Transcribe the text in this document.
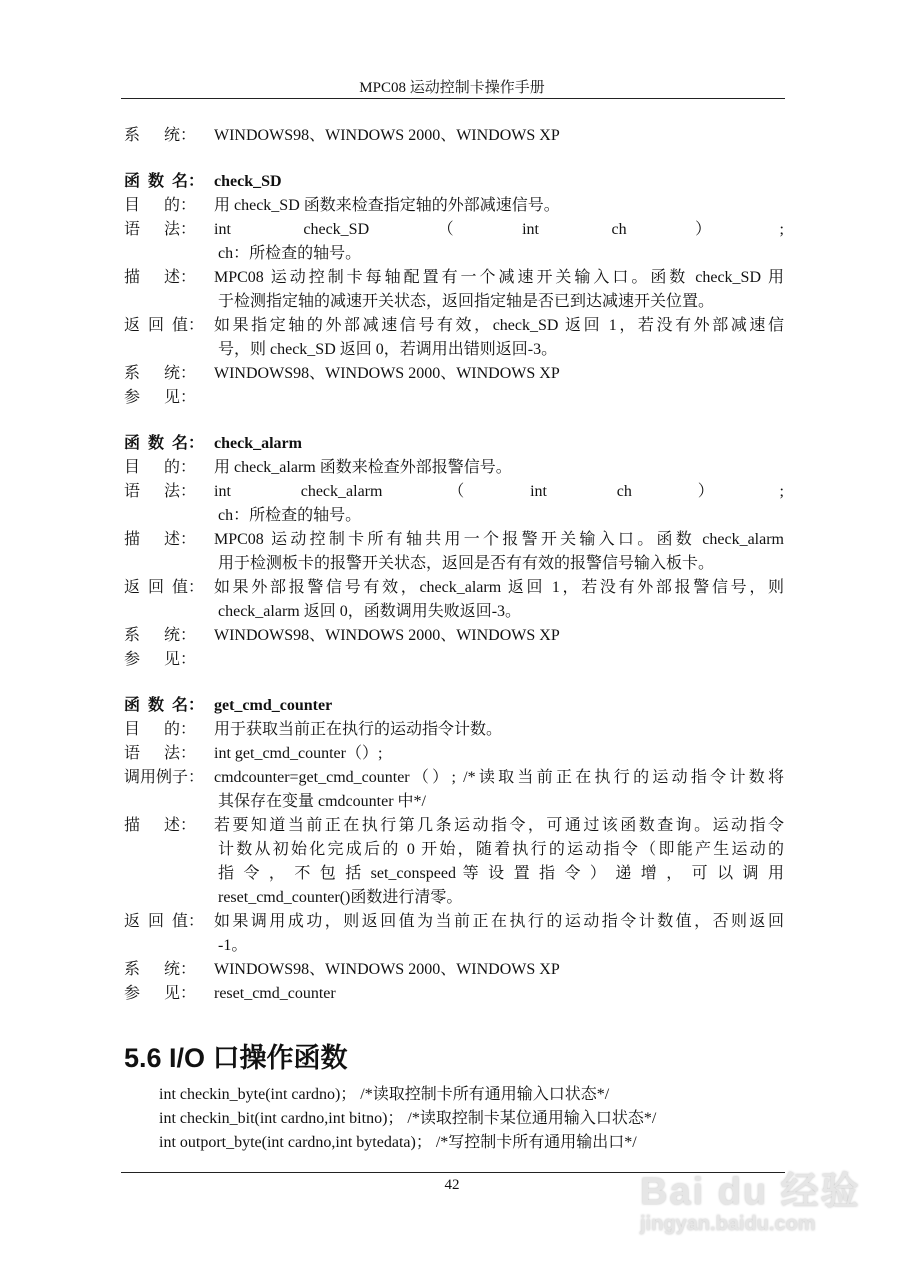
MPC08 运动控制卡操作手册
系      统：	WINDOWS98、WINDOWS 2000、WINDOWS XP
函  数  名： check_SD
目      的：	用 check_SD 函数来检查指定轴的外部减速信号。
语      法：	int check_SD（int ch）;
ch：所检查的轴号。
描      述：	MPC08 运动控制卡每轴配置有一个减速开关输入口。函数 check_SD 用
于检测指定轴的减速开关状态，返回指定轴是否已到达减速开关位置。
返  回  值： 如果指定轴的外部减速信号有效，check_SD 返回 1，若没有外部减速信
号，则 check_SD 返回 0，若调用出错则返回-3。
系      统：	WINDOWS98、WINDOWS 2000、WINDOWS XP
参      见：
函  数  名： check_alarm
目      的：	用 check_alarm 函数来检查外部报警信号。
语      法：	int check_alarm（int ch）;
ch：所检查的轴号。
描      述：	MPC08 运动控制卡所有轴共用一个报警开关输入口。函数 check_alarm
用于检测板卡的报警开关状态，返回是否有有效的报警信号输入板卡。
返  回  值： 如果外部报警信号有效，check_alarm 返回 1，若没有外部报警信号，则
check_alarm 返回 0，函数调用失败返回-3。
系      统：	WINDOWS98、WINDOWS 2000、WINDOWS XP
参      见：
函  数  名： get_cmd_counter
目      的：	用于获取当前正在执行的运动指令计数。
语      法：	int get_cmd_counter（）;
调用例子： cmdcounter=get_cmd_counter（）; /*读取当前正在执行的运动指令计数将
其保存在变量 cmdcounter 中*/
描      述：	若要知道当前正在执行第几条运动指令，可通过该函数查询。运动指令
计数从初始化完成后的 0 开始，随着执行的运动指令（即能产生运动的
指 令 ， 不 包 括 set_conspeed 等 设 置 指 令 ） 递 增 ， 可 以 调 用
reset_cmd_counter()函数进行清零。
返  回  值： 如果调用成功，则返回值为当前正在执行的运动指令计数值，否则返回
-1。
系      统：	WINDOWS98、WINDOWS 2000、WINDOWS XP
参      见：	reset_cmd_counter
5.6 I/O 口操作函数
int checkin_byte(int cardno)； /*读取控制卡所有通用输入口状态*/
int checkin_bit(int cardno,int bitno)； /*读取控制卡某位通用输入口状态*/
int outport_byte(int cardno,int bytedata)； /*写控制卡所有通用输出口*/
42	Bai du 经验
jingyan.baidu.com
